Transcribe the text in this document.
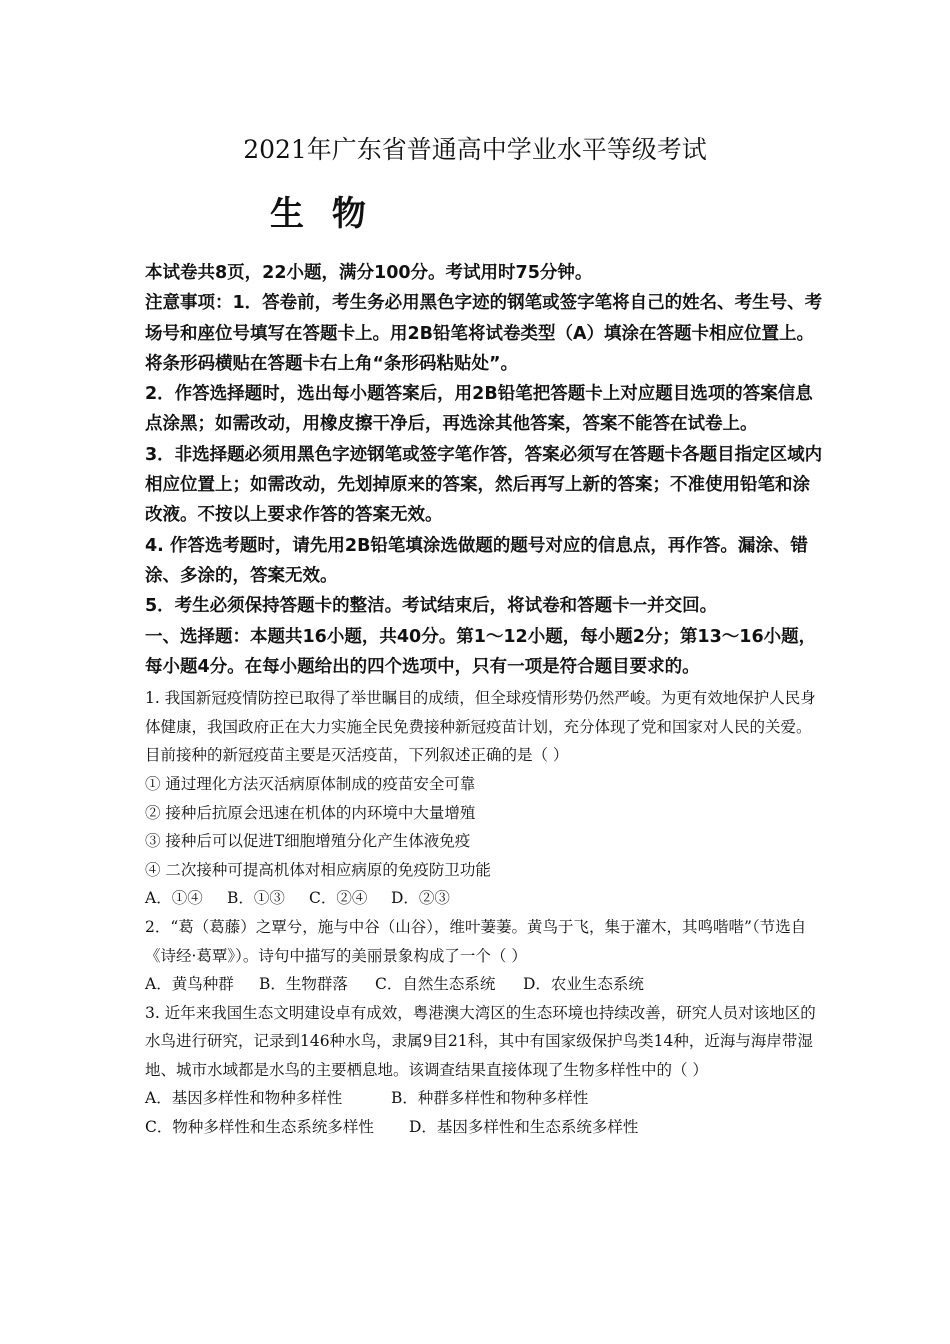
2021年广东省普通高中学业水平等级考试
生 物

本试卷共8页，22小题，满分100分。考试用时75分钟。

注意事项：1．答卷前，考生务必用黑色字迹的钢笔或签字笔将自己的姓名、考生号、考场号和座位号填写在答题卡上。用2B铅笔将试卷类型（A）填涂在答题卡相应位置上。将条形码横贴在答题卡右上角“条形码粘贴处”。

2．作答选择题时，选出每小题答案后，用2B铅笔把答题卡上对应题目选项的答案信息点涂黑；如需改动，用橡皮擦干净后，再选涂其他答案，答案不能答在试卷上。

3．非选择题必须用黑色字迹钢笔或签字笔作答，答案必须写在答题卡各题目指定区域内相应位置上；如需改动，先划掉原来的答案，然后再写上新的答案；不准使用铅笔和涂改液。不按以上要求作答的答案无效。

4. 作答选考题时，请先用2B铅笔填涂选做题的题号对应的信息点，再作答。漏涂、错涂、多涂的，答案无效。

5．考生必须保持答题卡的整洁。考试结束后，将试卷和答题卡一并交回。

一、选择题：本题共16小题，共40分。第1～12小题，每小题2分；第13～16小题，每小题4分。在每小题给出的四个选项中，只有一项是符合题目要求的。

1. 我国新冠疫情防控已取得了举世瞩目的成绩，但全球疫情形势仍然严峻。为更有效地保护人民身体健康，我国政府正在大力实施全民免费接种新冠疫苗计划，充分体现了党和国家对人民的关爱。目前接种的新冠疫苗主要是灭活疫苗，下列叙述正确的是（ ）

① 通过理化方法灭活病原体制成的疫苗安全可靠

② 接种后抗原会迅速在机体的内环境中大量增殖

③ 接种后可以促进T细胞增殖分化产生体液免疫

④ 二次接种可提高机体对相应病原的免疫防卫功能

A．①④ B．①③ C．②④ D．②③

2．“葛（葛藤）之覃兮，施与中谷（山谷），维叶萋萋。黄鸟于飞，集于灌木，其鸣喈喈”（节选自《诗经·葛覃》）。诗句中描写的美丽景象构成了一个（ ）

A．黄鸟种群 B．生物群落 C．自然生态系统 D．农业生态系统

3. 近年来我国生态文明建设卓有成效，粤港澳大湾区的生态环境也持续改善，研究人员对该地区的水鸟进行研究，记录到146种水鸟，隶属9目21科，其中有国家级保护鸟类14种，近海与海岸带湿地、城市水域都是水鸟的主要栖息地。该调查结果直接体现了生物多样性中的（ ）

A．基因多样性和物种多样性	B．种群多样性和物种多样性

C．物种多样性和生态系统多样性 D．基因多样性和生态系统多样性
